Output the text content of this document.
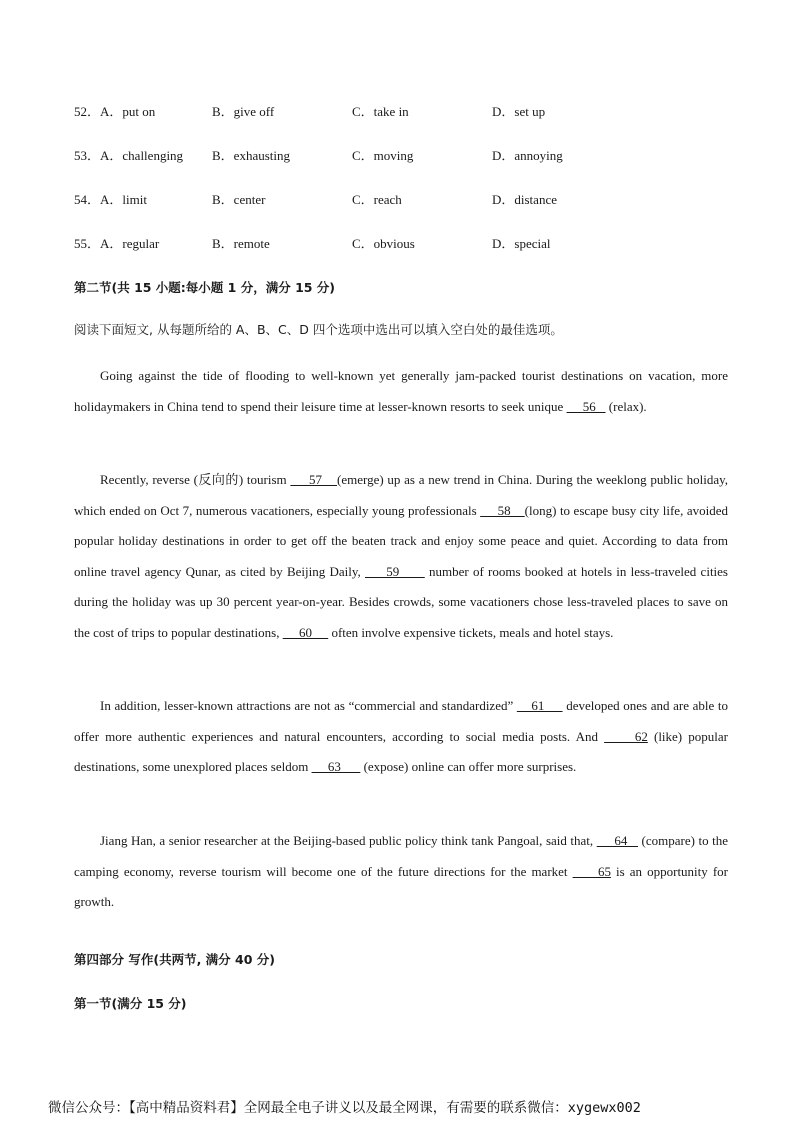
52．A．put on	B．give off	C．take in	D．set up
53．A．challenging B．exhausting	C．moving	D．annoying
54．A．limit	B．center	C．reach	D．distance
55．A．regular	B．remote	C．obvious	D．special
第二节(共 15 小题:每小题 1 分，满分 15 分)
阅读下面短文, 从每题所给的 A、B、C、D 四个选项中选出可以填入空白处的最佳选项。

Going against the tide of flooding to well-known yet generally jam-packed tourist destinations on vacation, more holidaymakers in China tend to spend their leisure time at lesser-known resorts to seek unique      56    (relax).

Recently, reverse (反向的) tourism      57    (emerge) up as a new trend in China. During the weeklong public holiday, which ended on Oct 7, numerous vacationers, especially young professionals      58    (long) to escape busy city life, avoided popular holiday destinations in order to get off the beaten track and enjoy some peace and quiet. According to data from online travel agency Qunar, as cited by Beijing Daily,      59       number of rooms booked at hotels in less-traveled cities during the holiday was up 30 percent year-on-year. Besides crowds, some vacationers chose less-traveled places to save on the cost of trips to popular destinations,      60      often involve expensive tickets, meals and hotel stays.

In addition, lesser-known attractions are not as “commercial and standardized”     61      developed ones and are able to offer more authentic experiences and natural encounters, according to social media posts. And      62 (like) popular destinations, some unexplored places seldom      63       (expose) online can offer more surprises.

Jiang Han, a senior researcher at the Beijing-based public policy think tank Pangoal, said that,      64    (compare) to the camping economy, reverse tourism will become one of the future directions for the market      65 is an opportunity for growth.

第四部分 写作(共两节, 满分 40 分)
第一节(满分 15 分)
微信公众号：【高中精品资料君】全网最全电子讲义以及最全网课，有需要的联系微信：xygewx002
